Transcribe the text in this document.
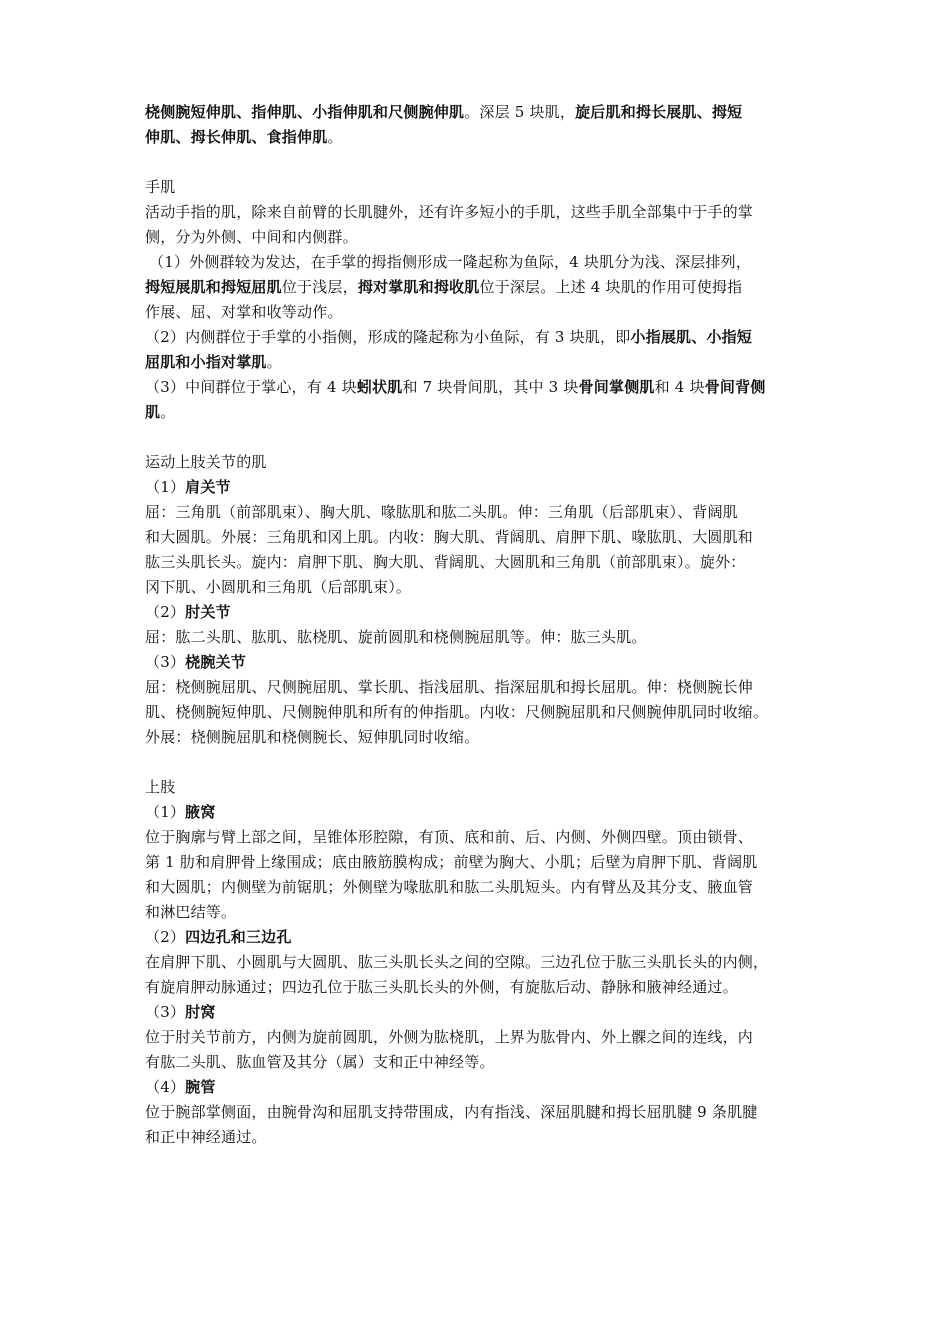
桡侧腕短伸肌、指伸肌、小指伸肌和尺侧腕伸肌。深层 5 块肌，旋后肌和拇长展肌、拇短
伸肌、拇长伸肌、食指伸肌。
手肌
活动手指的肌，除来自前臂的长肌腱外，还有许多短小的手肌，这些手肌全部集中于手的掌
侧，分为外侧、中间和内侧群。
（1）外侧群较为发达，在手掌的拇指侧形成一隆起称为鱼际，4 块肌分为浅、深层排列，
拇短展肌和拇短屈肌位于浅层，拇对掌肌和拇收肌位于深层。上述 4 块肌的作用可使拇指
作展、屈、对掌和收等动作。
（2）内侧群位于手掌的小指侧，形成的隆起称为小鱼际，有 3 块肌，即小指展肌、小指短
屈肌和小指对掌肌。
（3）中间群位于掌心，有 4 块蚓状肌和 7 块骨间肌，其中 3 块骨间掌侧肌和 4 块骨间背侧
肌。
运动上肢关节的肌
（1）肩关节
屈：三角肌（前部肌束）、胸大肌、喙肱肌和肱二头肌。伸：三角肌（后部肌束）、背阔肌
和大圆肌。外展：三角肌和冈上肌。内收：胸大肌、背阔肌、肩胛下肌、喙肱肌、大圆肌和
肱三头肌长头。旋内：肩胛下肌、胸大肌、背阔肌、大圆肌和三角肌（前部肌束）。旋外：
冈下肌、小圆肌和三角肌（后部肌束）。
（2）肘关节
屈：肱二头肌、肱肌、肱桡肌、旋前圆肌和桡侧腕屈肌等。伸：肱三头肌。
（3）桡腕关节
屈：桡侧腕屈肌、尺侧腕屈肌、掌长肌、指浅屈肌、指深屈肌和拇长屈肌。伸：桡侧腕长伸
肌、桡侧腕短伸肌、尺侧腕伸肌和所有的伸指肌。内收：尺侧腕屈肌和尺侧腕伸肌同时收缩。
外展：桡侧腕屈肌和桡侧腕长、短伸肌同时收缩。
上肢
（1）腋窝
位于胸廓与臂上部之间，呈锥体形腔隙，有顶、底和前、后、内侧、外侧四壁。顶由锁骨、
第 1 肋和肩胛骨上缘围成；底由腋筋膜构成；前壁为胸大、小肌；后壁为肩胛下肌、背阔肌
和大圆肌；内侧壁为前锯肌；外侧壁为喙肱肌和肱二头肌短头。内有臂丛及其分支、腋血管
和淋巴结等。
（2）四边孔和三边孔
在肩胛下肌、小圆肌与大圆肌、肱三头肌长头之间的空隙。三边孔位于肱三头肌长头的内侧，
有旋肩胛动脉通过；四边孔位于肱三头肌长头的外侧，有旋肱后动、静脉和腋神经通过。
（3）肘窝
位于肘关节前方，内侧为旋前圆肌，外侧为肱桡肌，上界为肱骨内、外上髁之间的连线，内
有肱二头肌、肱血管及其分（属）支和正中神经等。
（4）腕管
位于腕部掌侧面，由腕骨沟和屈肌支持带围成，内有指浅、深屈肌腱和拇长屈肌腱 9 条肌腱
和正中神经通过。
